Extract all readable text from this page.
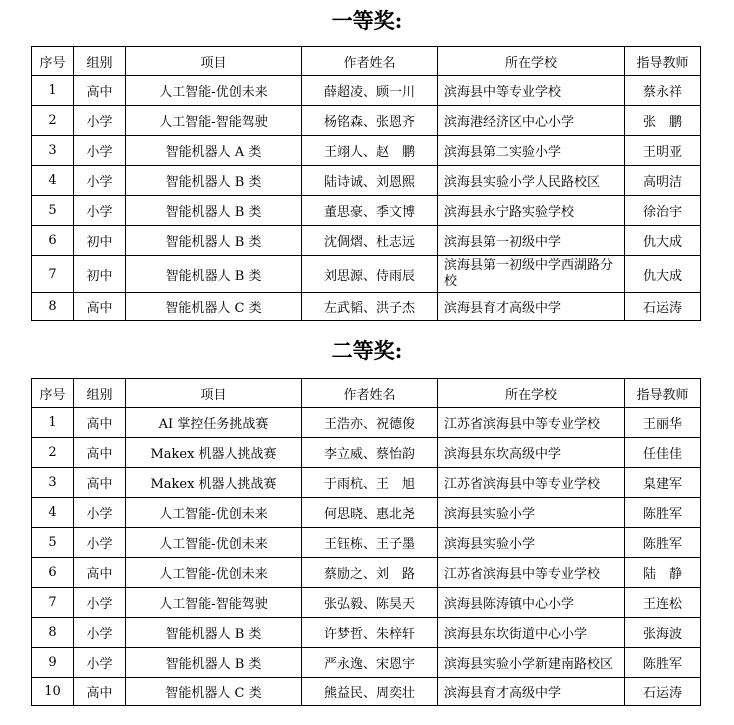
一等奖:
序号	组别	项目	作者姓名	所在学校	指导教师
1	高中	人工智能-优创未来	薛超凌、顾一川	滨海县中等专业学校	蔡永祥
2	小学	人工智能-智能驾驶	杨铭森、张恩齐	滨海港经济区中心小学	张　鹏
3	小学	智能机器人 A 类	王翊人、赵　鹏	滨海县第二实验小学	王明亚
4	小学	智能机器人 B 类	陆诗诚、刘恩熙	滨海县实验小学人民路校区	高明洁
5	小学	智能机器人 B 类	董思豪、季文博	滨海县永宁路实验学校	徐治宇
6	初中	智能机器人 B 类	沈倜熠、杜志远	滨海县第一初级中学	仇大成
7	初中	智能机器人 B 类	刘思源、侍雨辰	滨海县第一初级中学西湖路分校	仇大成
8	高中	智能机器人 C 类	左武韬、洪子杰	滨海县育才高级中学	石运涛
二等奖:
序号	组别	项目	作者姓名	所在学校	指导教师
1	高中	AI 掌控任务挑战赛	王浩亦、祝德俊	江苏省滨海县中等专业学校	王丽华
2	高中	Makex 机器人挑战赛	李立威、蔡怡韵	滨海县东坎高级中学	任佳佳
3	高中	Makex 机器人挑战赛	于雨杭、王　旭	江苏省滨海县中等专业学校	臬建军
4	小学	人工智能-优创未来	何思晓、惠北尧	滨海县实验小学	陈胜军
5	小学	人工智能-优创未来	王钰栋、王子墨	滨海县实验小学	陈胜军
6	高中	人工智能-优创未来	蔡励之、刘　路	江苏省滨海县中等专业学校	陆　静
7	小学	人工智能-智能驾驶	张弘毅、陈昊天	滨海县陈涛镇中心小学	王连松
8	小学	智能机器人 B 类	许梦哲、朱梓轩	滨海县东坎街道中心小学	张海波
9	小学	智能机器人 B 类	严永逸、宋恩宇	滨海县实验小学新建南路校区	陈胜军
10	高中	智能机器人 C 类	熊益民、周奕壮	滨海县育才高级中学	石运涛
